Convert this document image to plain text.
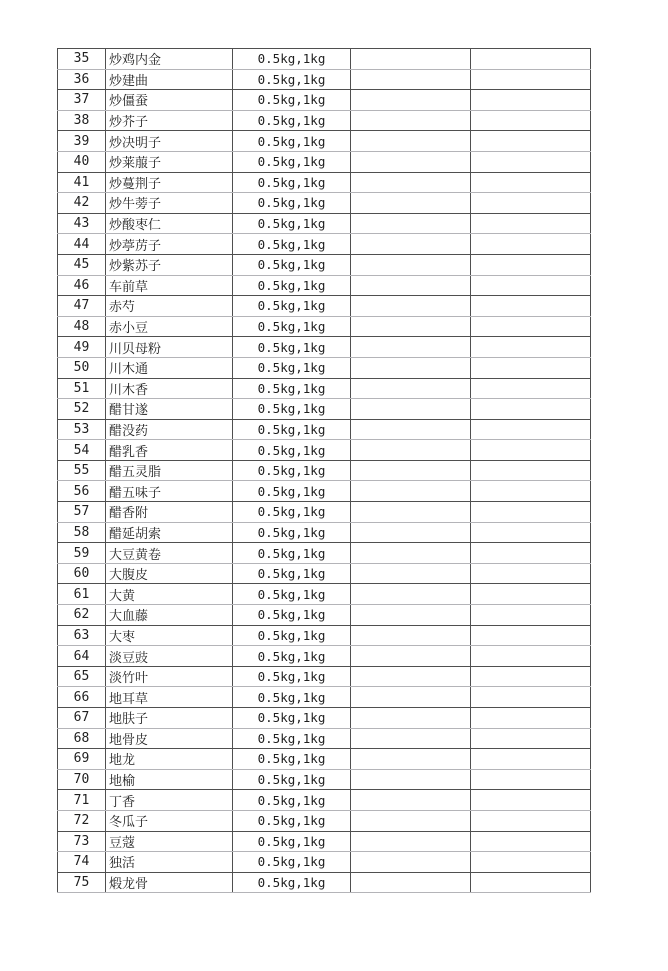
35	炒鸡内金	0.5kg,1kg		
36	炒建曲	0.5kg,1kg		
37	炒僵蚕	0.5kg,1kg		
38	炒芥子	0.5kg,1kg		
39	炒决明子	0.5kg,1kg		
40	炒莱菔子	0.5kg,1kg		
41	炒蔓荆子	0.5kg,1kg		
42	炒牛蒡子	0.5kg,1kg		
43	炒酸枣仁	0.5kg,1kg		
44	炒葶苈子	0.5kg,1kg		
45	炒紫苏子	0.5kg,1kg		
46	车前草	0.5kg,1kg		
47	赤芍	0.5kg,1kg		
48	赤小豆	0.5kg,1kg		
49	川贝母粉	0.5kg,1kg		
50	川木通	0.5kg,1kg		
51	川木香	0.5kg,1kg		
52	醋甘遂	0.5kg,1kg		
53	醋没药	0.5kg,1kg		
54	醋乳香	0.5kg,1kg		
55	醋五灵脂	0.5kg,1kg		
56	醋五味子	0.5kg,1kg		
57	醋香附	0.5kg,1kg		
58	醋延胡索	0.5kg,1kg		
59	大豆黄卷	0.5kg,1kg		
60	大腹皮	0.5kg,1kg		
61	大黄	0.5kg,1kg		
62	大血藤	0.5kg,1kg		
63	大枣	0.5kg,1kg		
64	淡豆豉	0.5kg,1kg		
65	淡竹叶	0.5kg,1kg		
66	地耳草	0.5kg,1kg		
67	地肤子	0.5kg,1kg		
68	地骨皮	0.5kg,1kg		
69	地龙	0.5kg,1kg		
70	地榆	0.5kg,1kg		
71	丁香	0.5kg,1kg		
72	冬瓜子	0.5kg,1kg		
73	豆蔻	0.5kg,1kg		
74	独活	0.5kg,1kg		
75	煅龙骨	0.5kg,1kg		
